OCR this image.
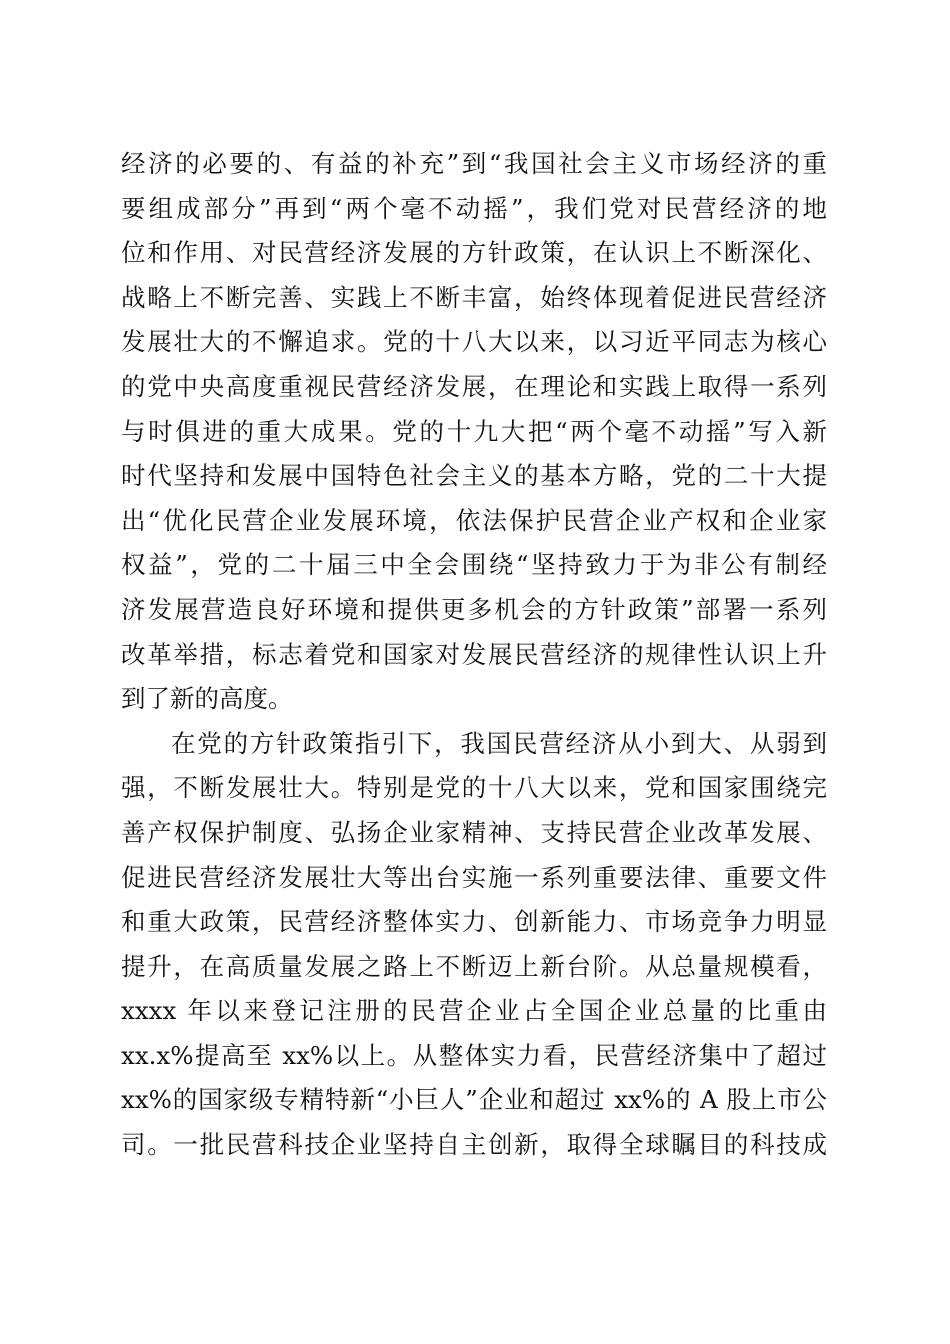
经济的必要的、有益的补充”到“我国社会主义市场经济的重
要组成部分”再到“两个毫不动摇”，我们党对民营经济的地
位和作用、对民营经济发展的方针政策，在认识上不断深化、
战略上不断完善、实践上不断丰富，始终体现着促进民营经济
发展壮大的不懈追求。党的十八大以来，以习近平同志为核心
的党中央高度重视民营经济发展，在理论和实践上取得一系列
与时俱进的重大成果。党的十九大把“两个毫不动摇”写入新
时代坚持和发展中国特色社会主义的基本方略，党的二十大提
出“优化民营企业发展环境，依法保护民营企业产权和企业家
权益”，党的二十届三中全会围绕“坚持致力于为非公有制经
济发展营造良好环境和提供更多机会的方针政策”部署一系列
改革举措，标志着党和国家对发展民营经济的规律性认识上升
到了新的高度。
在党的方针政策指引下，我国民营经济从小到大、从弱到
强，不断发展壮大。特别是党的十八大以来，党和国家围绕完
善产权保护制度、弘扬企业家精神、支持民营企业改革发展、
促进民营经济发展壮大等出台实施一系列重要法律、重要文件
和重大政策，民营经济整体实力、创新能力、市场竞争力明显
提升，在高质量发展之路上不断迈上新台阶。从总量规模看，
xxxx 年以来登记注册的民营企业占全国企业总量的比重由
xx.x%提高至 xx%以上。从整体实力看，民营经济集中了超过
xx%的国家级专精特新“小巨人”企业和超过 xx%的 A 股上市公
司。一批民营科技企业坚持自主创新，取得全球瞩目的科技成
